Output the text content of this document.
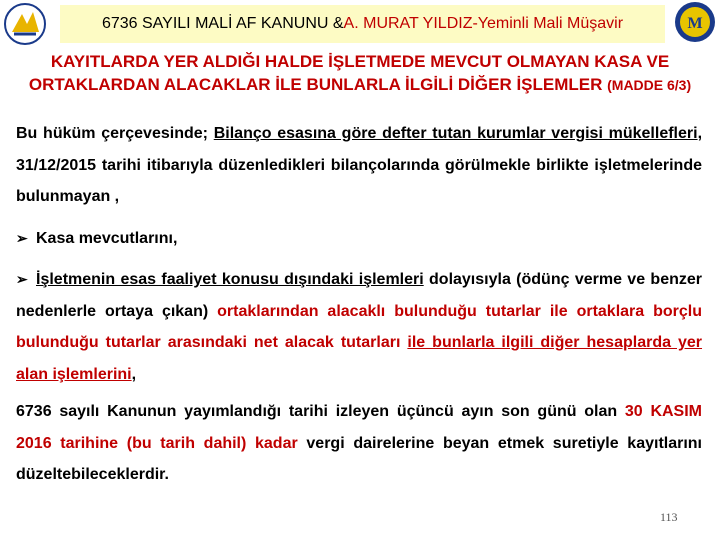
6736 SAYILI MALİ AF KANUNU & A. MURAT YILDIZ-Yeminli Mali Müşavir	M
KAYITLARDA YER ALDIĞI HALDE İŞLETMEDE MEVCUT OLMAYAN KASA VE
ORTAKLARDAN ALACAKLAR İLE BUNLARLA İLGİLİ DİĞER İŞLEMLER (MADDE 6/3)

Bu hüküm çerçevesinde; Bilanço esasına göre defter tutan kurumlar vergisi mükellefleri, 31/12/2015 tarihi itibarıyla düzenledikleri bilançolarında görülmekle birlikte işletmelerinde bulunmayan ,

➢ Kasa mevcutlarını,

➢ İşletmenin esas faaliyet konusu dışındaki işlemleri dolayısıyla (ödünç verme ve benzer nedenlerle ortaya çıkan) ortaklarından alacaklı bulunduğu tutarlar ile ortaklara borçlu bulunduğu tutarlar arasındaki net alacak tutarları ile bunlarla ilgili diğer hesaplarda yer alan işlemlerini,

6736 sayılı Kanunun yayımlandığı tarihi izleyen üçüncü ayın son günü olan 30 KASIM 2016 tarihine (bu tarih dahil) kadar vergi dairelerine beyan etmek suretiyle kayıtlarını düzeltebileceklerdir.

113
